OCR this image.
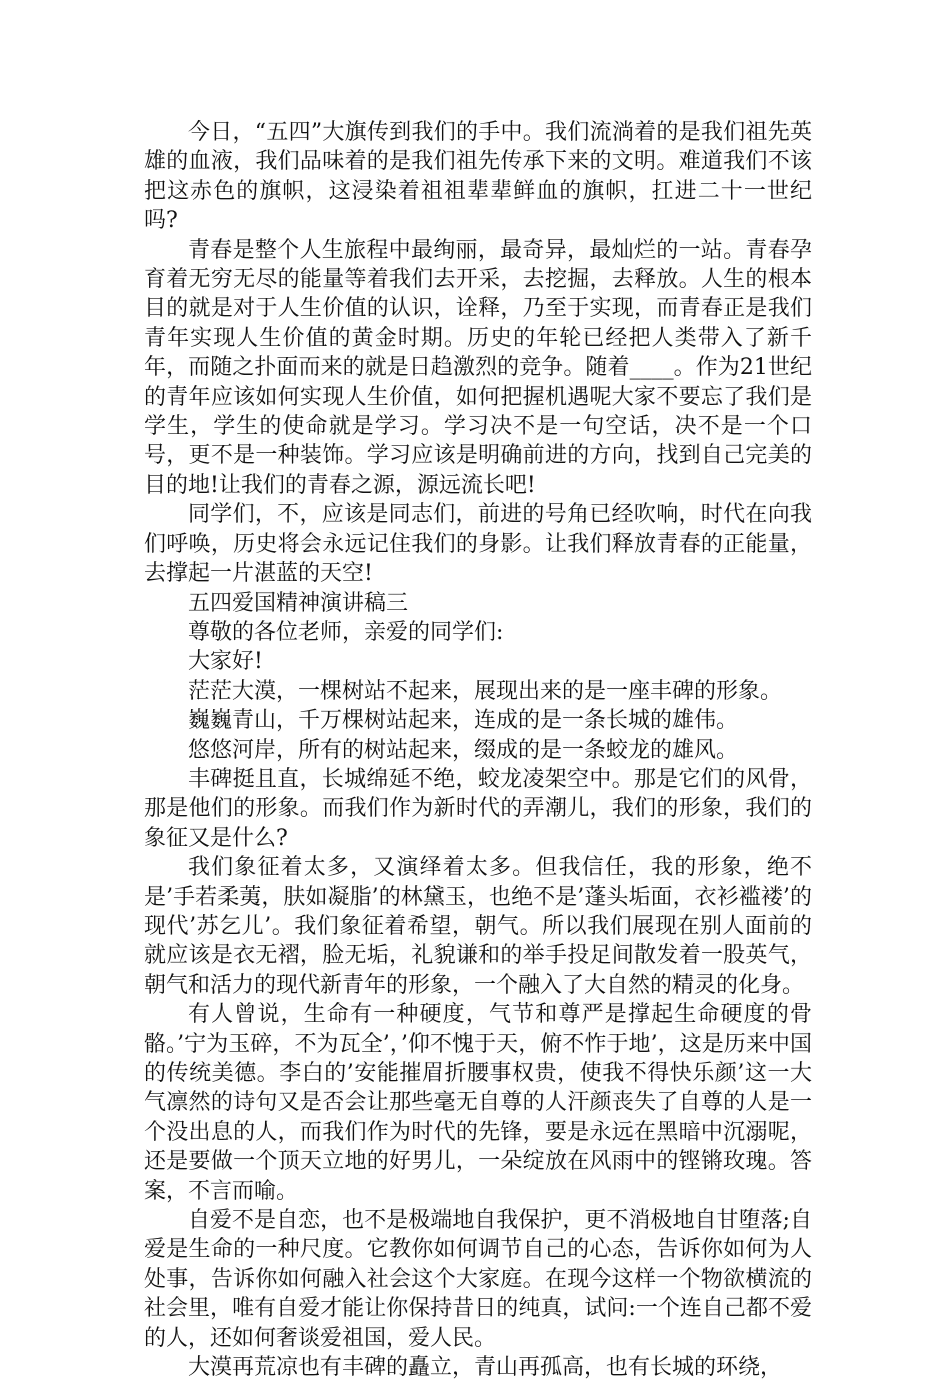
今日，“五四”大旗传到我们的手中。我们流淌着的是我们祖先英雄的血液，我们品味着的是我们祖先传承下来的文明。难道我们不该把这赤色的旗帜，这浸染着祖祖辈辈鲜血的旗帜，扛进二十一世纪吗?

青春是整个人生旅程中最绚丽，最奇异，最灿烂的一站。青春孕育着无穷无尽的能量等着我们去开采，去挖掘，去释放。人生的根本目的就是对于人生价值的认识，诠释，乃至于实现，而青春正是我们青年实现人生价值的黄金时期。历史的年轮已经把人类带入了新千年，而随之扑面而来的就是日趋激烈的竞争。随着____。作为21世纪的青年应该如何实现人生价值，如何把握机遇呢大家不要忘了我们是学生，学生的使命就是学习。学习决不是一句空话，决不是一个口号，更不是一种装饰。学习应该是明确前进的方向，找到自己完美的目的地!让我们的青春之源，源远流长吧!

同学们，不，应该是同志们，前进的号角已经吹响，时代在向我们呼唤，历史将会永远记住我们的身影。让我们释放青春的正能量，去撑起一片湛蓝的天空!

五四爱国精神演讲稿三

尊敬的各位老师，亲爱的同学们:

大家好!

茫茫大漠，一棵树站不起来，展现出来的是一座丰碑的形象。

巍巍青山，千万棵树站起来，连成的是一条长城的雄伟。

悠悠河岸，所有的树站起来，缀成的是一条蛟龙的雄风。

丰碑挺且直，长城绵延不绝，蛟龙凌架空中。那是它们的风骨，那是他们的形象。而我们作为新时代的弄潮儿，我们的形象，我们的象征又是什么?

我们象征着太多，又演绎着太多。但我信任，我的形象，绝不是’手若柔荑，肤如凝脂’的林黛玉，也绝不是’蓬头垢面，衣衫褴褛’的现代’苏乞儿’。我们象征着希望，朝气。所以我们展现在别人面前的就应该是衣无褶，脸无垢，礼貌谦和的举手投足间散发着一股英气，朝气和活力的现代新青年的形象，一个融入了大自然的精灵的化身。

有人曾说，生命有一种硬度，气节和尊严是撑起生命硬度的骨骼。’宁为玉碎，不为瓦全’，’仰不愧于天，俯不怍于地’，这是历来中国的传统美德。李白的’安能摧眉折腰事权贵，使我不得快乐颜’这一大气凛然的诗句又是否会让那些毫无自尊的人汗颜丧失了自尊的人是一个没出息的人，而我们作为时代的先锋，要是永远在黑暗中沉溺呢，还是要做一个顶天立地的好男儿，一朵绽放在风雨中的铿锵玫瑰。答案，不言而喻。

自爱不是自恋，也不是极端地自我保护，更不消极地自甘堕落;自爱是生命的一种尺度。它教你如何调节自己的心态，告诉你如何为人处事，告诉你如何融入社会这个大家庭。在现今这样一个物欲横流的社会里，唯有自爱才能让你保持昔日的纯真，试问:一个连自己都不爱的人，还如何奢谈爱祖国，爱人民。

大漠再荒凉也有丰碑的矗立，青山再孤高，也有长城的环绕，
